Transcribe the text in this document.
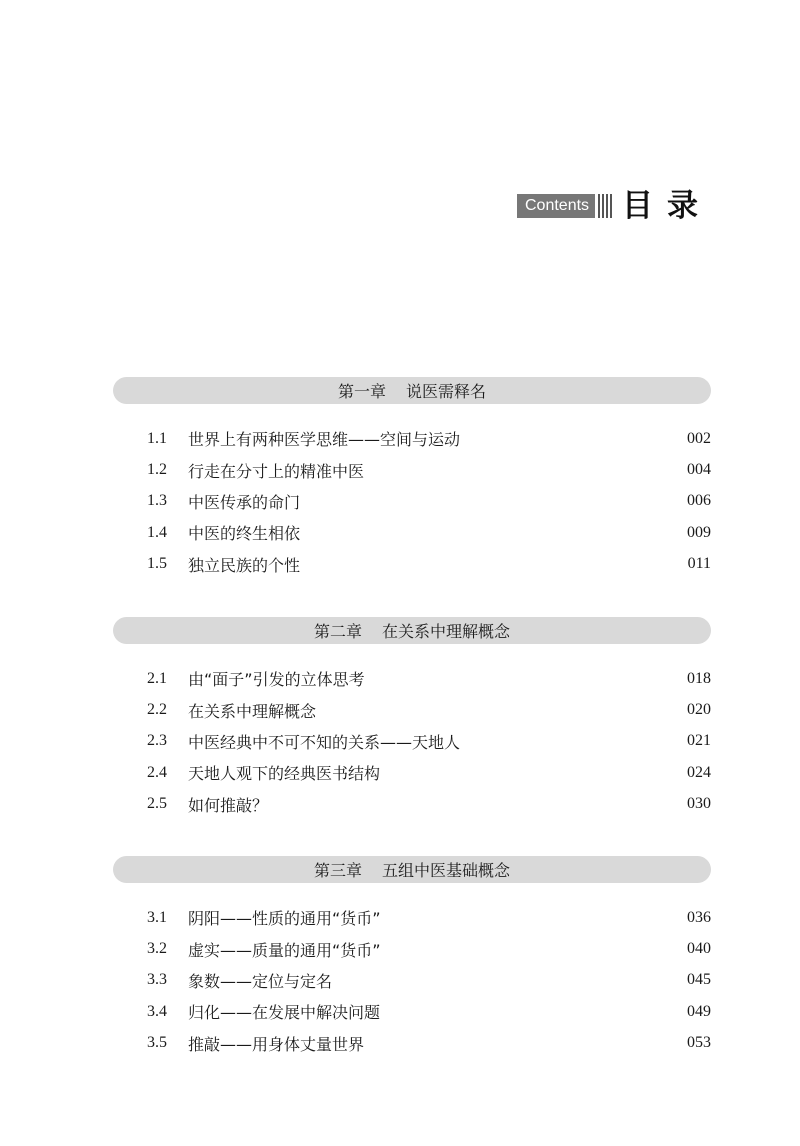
Contents 目录
第一章 说医需释名
1.1	世界上有两种医学思维——空间与运动	002
1.2	行走在分寸上的精准中医	004
1.3	中医传承的命门	006
1.4	中医的终生相依	009
1.5	独立民族的个性	011
第二章 在关系中理解概念
2.1	由“面子”引发的立体思考	018
2.2	在关系中理解概念	020
2.3	中医经典中不可不知的关系——天地人	021
2.4	天地人观下的经典医书结构	024
2.5	如何推敲？	030
第三章 五组中医基础概念
3.1	阴阳——性质的通用“货币”	036
3.2	虚实——质量的通用“货币”	040
3.3	象数——定位与定名	045
3.4	归化——在发展中解决问题	049
3.5	推敲——用身体丈量世界	053
